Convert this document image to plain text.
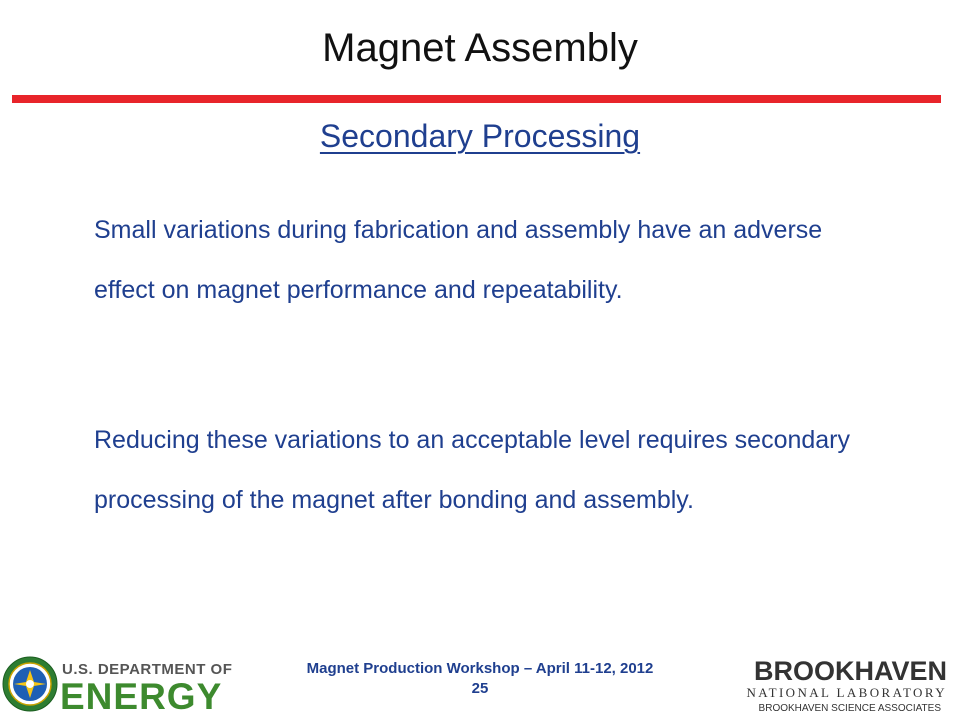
Magnet Assembly
Secondary Processing

Small variations during fabrication and assembly have an adverse effect on magnet performance and repeatability.

Reducing these variations to an acceptable level requires secondary processing of the magnet after bonding and assembly.

U.S. DEPARTMENT OF
ENERGY
Magnet Production Workshop – April 11-12, 2012
25
BROOKHAVEN
NATIONAL LABORATORY
BROOKHAVEN SCIENCE ASSOCIATES
